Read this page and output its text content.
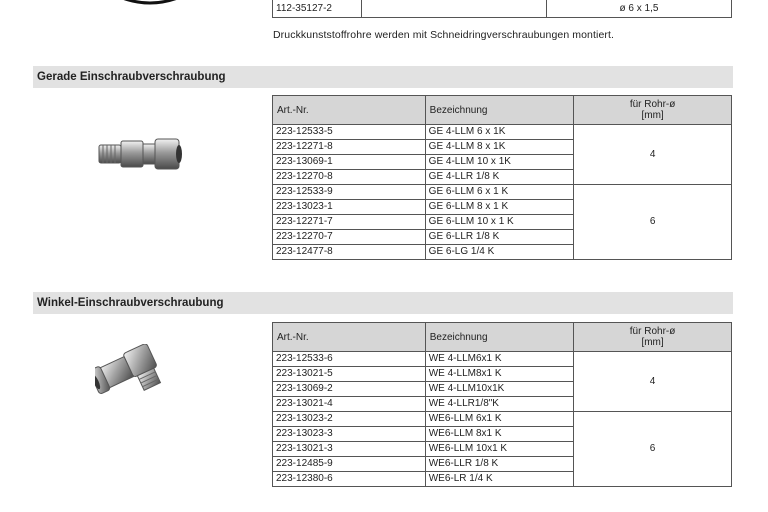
112-35127-2		ø 6 x 1,5
Druckkunststoffrohre werden mit Schneidringverschraubungen montiert.
Gerade Einschraubverschraubung
Art.-Nr.	Bezeichnung	für Rohr-ø
[mm]

223-12533-5	GE 4-LLM 6 x 1K	4
223-12271-8	GE 4-LLM 8 x 1K	
223-13069-1	GE 4-LLM 10 x 1K	
223-12270-8	GE 4-LLR 1/8 K	
223-12533-9	GE 6-LLM 6 x 1 K	6
223-13023-1	GE 6-LLM 8 x 1 K	
223-12271-7	GE 6-LLM 10 x 1 K	
223-12270-7	GE 6-LLR 1/8 K	
223-12477-8	GE 6-LG 1/4 K	
Winkel-Einschraubverschraubung
Art.-Nr.	Bezeichnung	für Rohr-ø
[mm]

223-12533-6	WE 4-LLM6x1 K	4
223-13021-5	WE 4-LLM8x1 K	
223-13069-2	WE 4-LLM10x1K	
223-13021-4	WE 4-LLR1/8"K	
223-13023-2	WE6-LLM 6x1 K	6
223-13023-3	WE6-LLM 8x1 K	
223-13021-3	WE6-LLM 10x1 K	
223-12485-9	WE6-LLR 1/8 K	
223-12380-6	WE6-LR 1/4 K	
